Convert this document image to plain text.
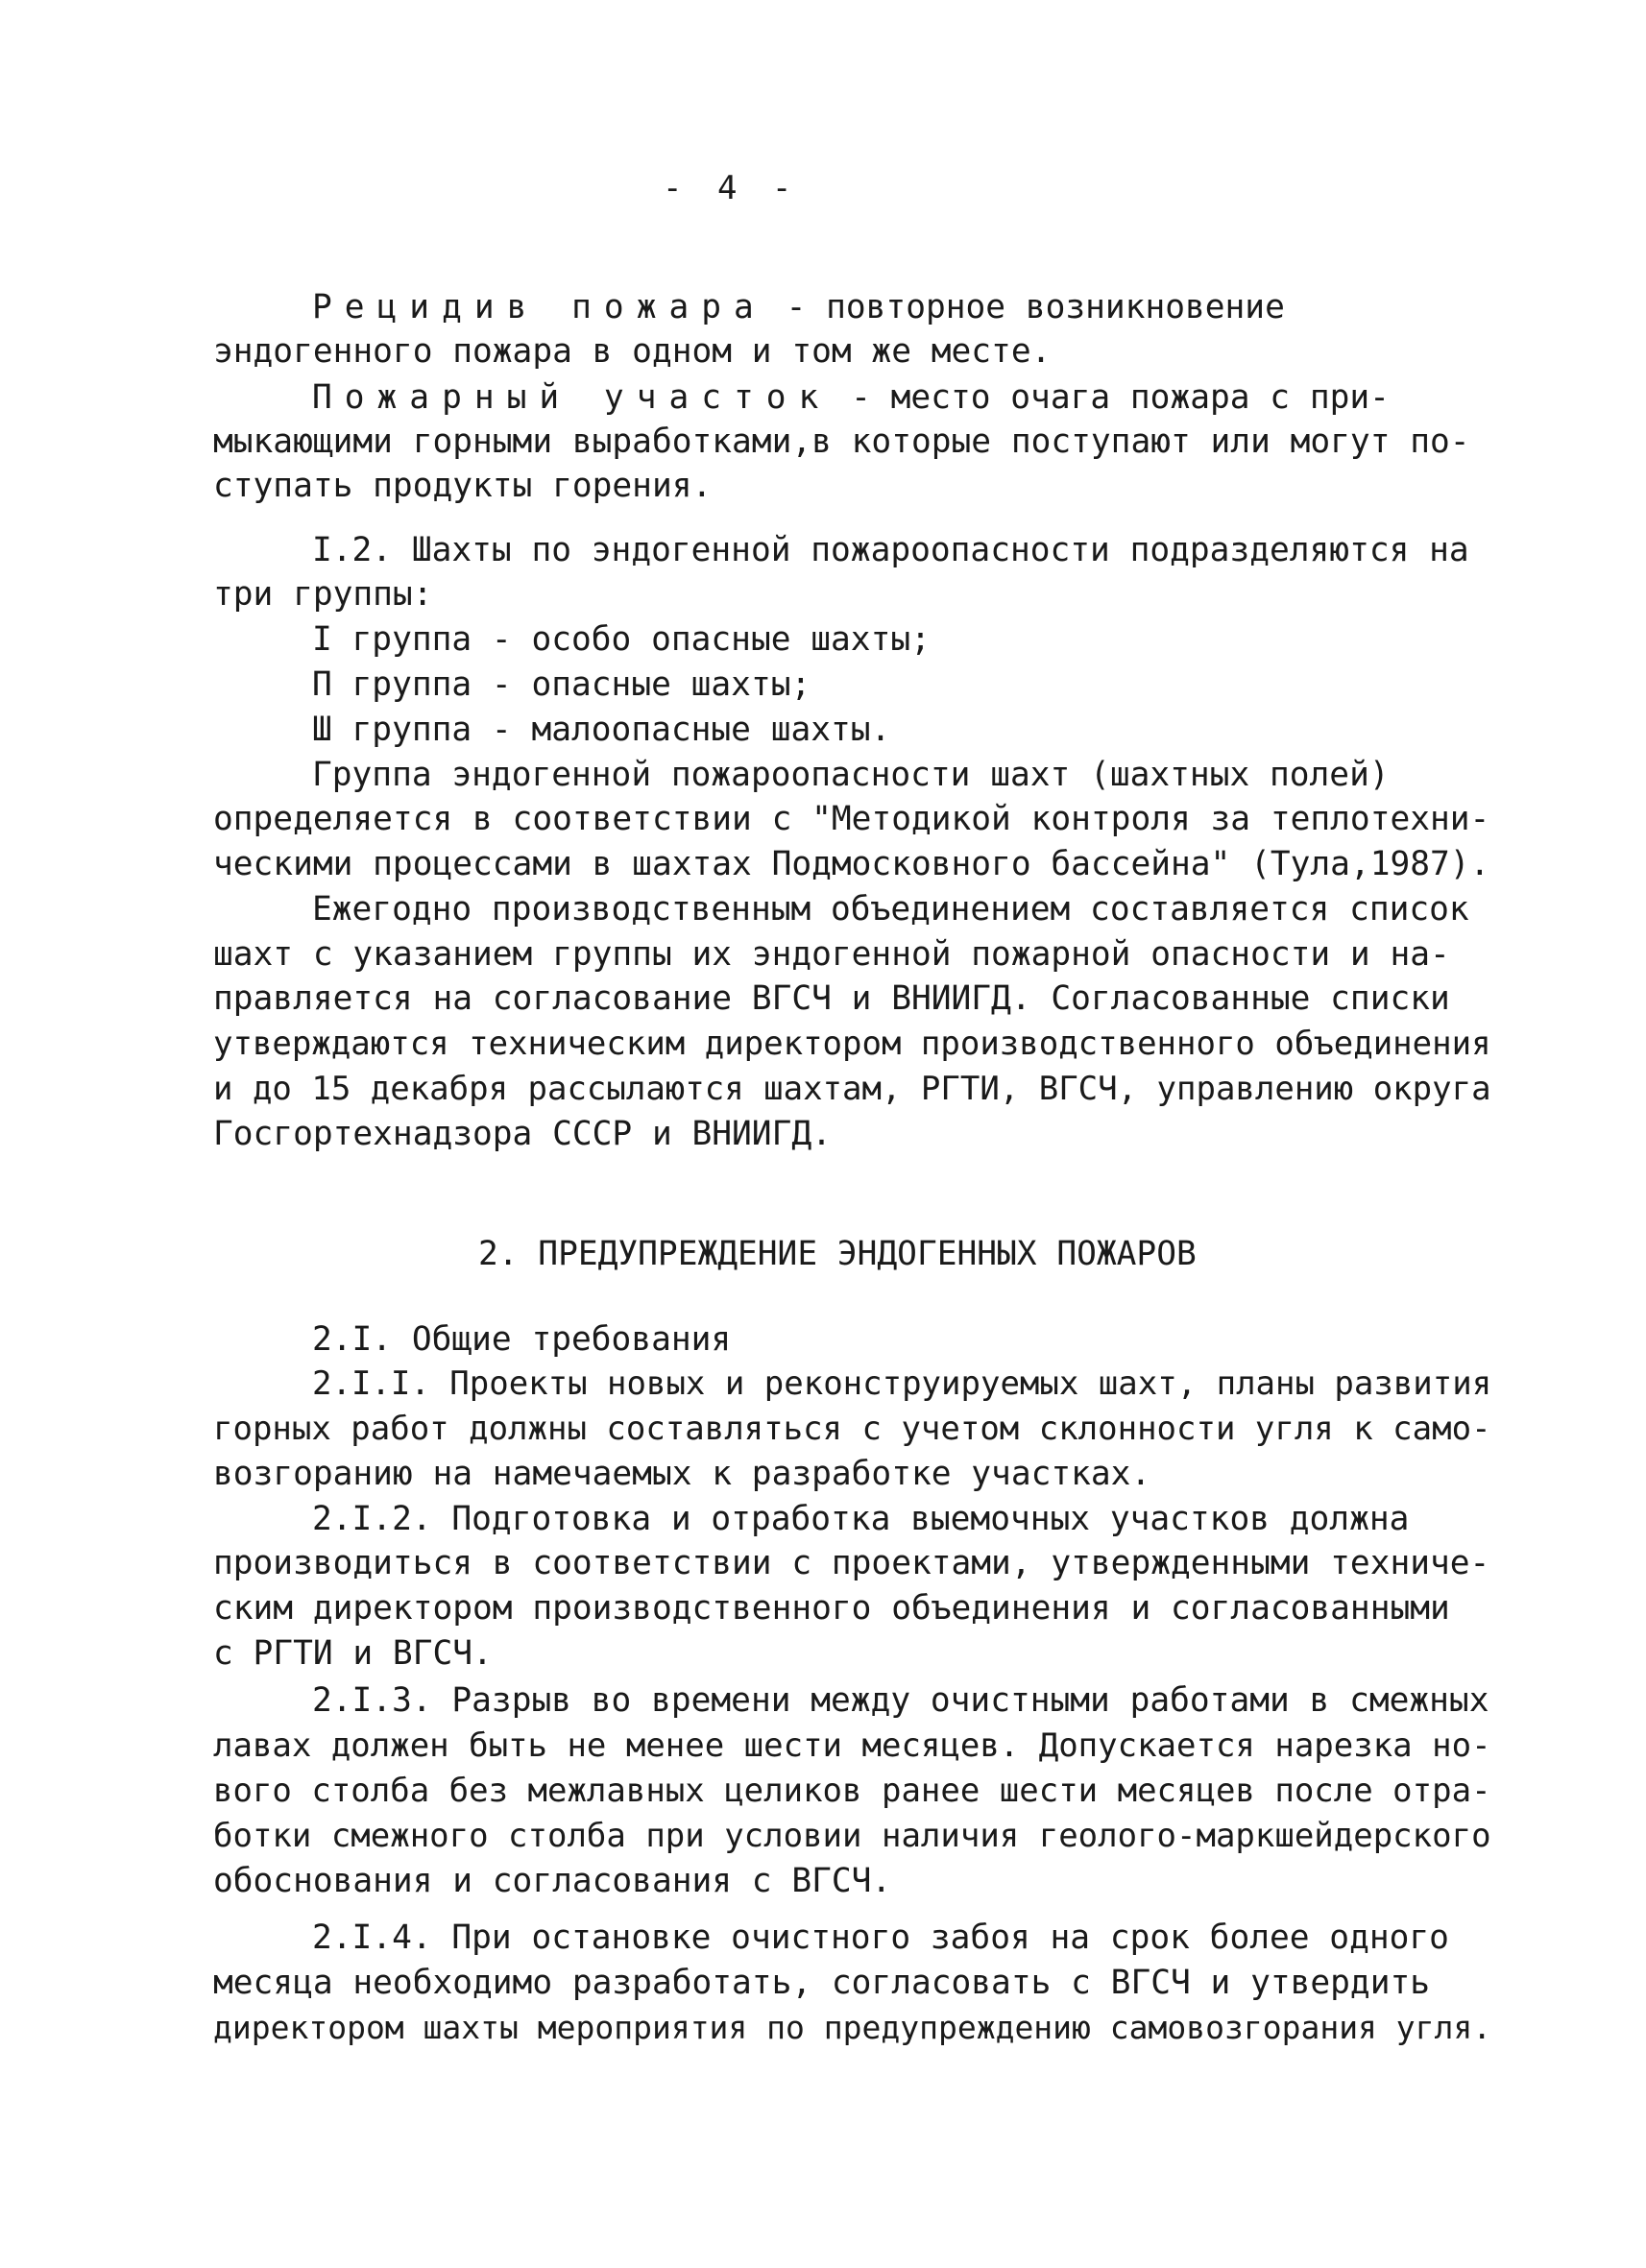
- 4 -
Рецидив пожара - повторное возникновение
эндогенного пожара в одном и том же месте.
Пожарный участок - место очага пожара с при-
мыкающими горными выработками,в которые поступают или могут по-
ступать продукты горения.
I.2. Шахты по эндогенной пожароопасности подразделяются на
три группы:
I группа - особо опасные шахты;
П группа - опасные шахты;
Ш группа - малоопасные шахты.
Группа эндогенной пожароопасности шахт (шахтных полей)
определяется в соответствии с "Методикой контроля за теплотехни-
ческими процессами в шахтах Подмосковного бассейна" (Тула,1987).
Ежегодно производственным объединением составляется список
шахт с указанием группы их эндогенной пожарной опасности и на-
правляется на согласование ВГСЧ и ВНИИГД. Согласованные списки
утверждаются техническим директором производственного объединения
и до 15 декабря рассылаются шахтам, РГТИ, ВГСЧ, управлению округа
Госгортехнадзора СССР и ВНИИГД.
2. ПРЕДУПРЕЖДЕНИЕ ЭНДОГЕННЫХ ПОЖАРОВ
2.I. Общие требования
2.I.I. Проекты новых и реконструируемых шахт, планы развития
горных работ должны составляться с учетом склонности угля к само-
возгоранию на намечаемых к разработке участках.
2.I.2. Подготовка и отработка выемочных участков должна
производиться в соответствии с проектами, утвержденными техниче-
ским директором производственного объединения и согласованными
с РГТИ и ВГСЧ.
2.I.3. Разрыв во времени между очистными работами в смежных
лавах должен быть не менее шести месяцев. Допускается нарезка но-
вого столба без межлавных целиков ранее шести месяцев после отра-
ботки смежного столба при условии наличия геолого-маркшейдерского
обоснования и согласования с ВГСЧ.
2.I.4. При остановке очистного забоя на срок более одного
месяца необходимо разработать, согласовать с ВГСЧ и утвердить
директором шахты мероприятия по предупреждению самовозгорания угля.
